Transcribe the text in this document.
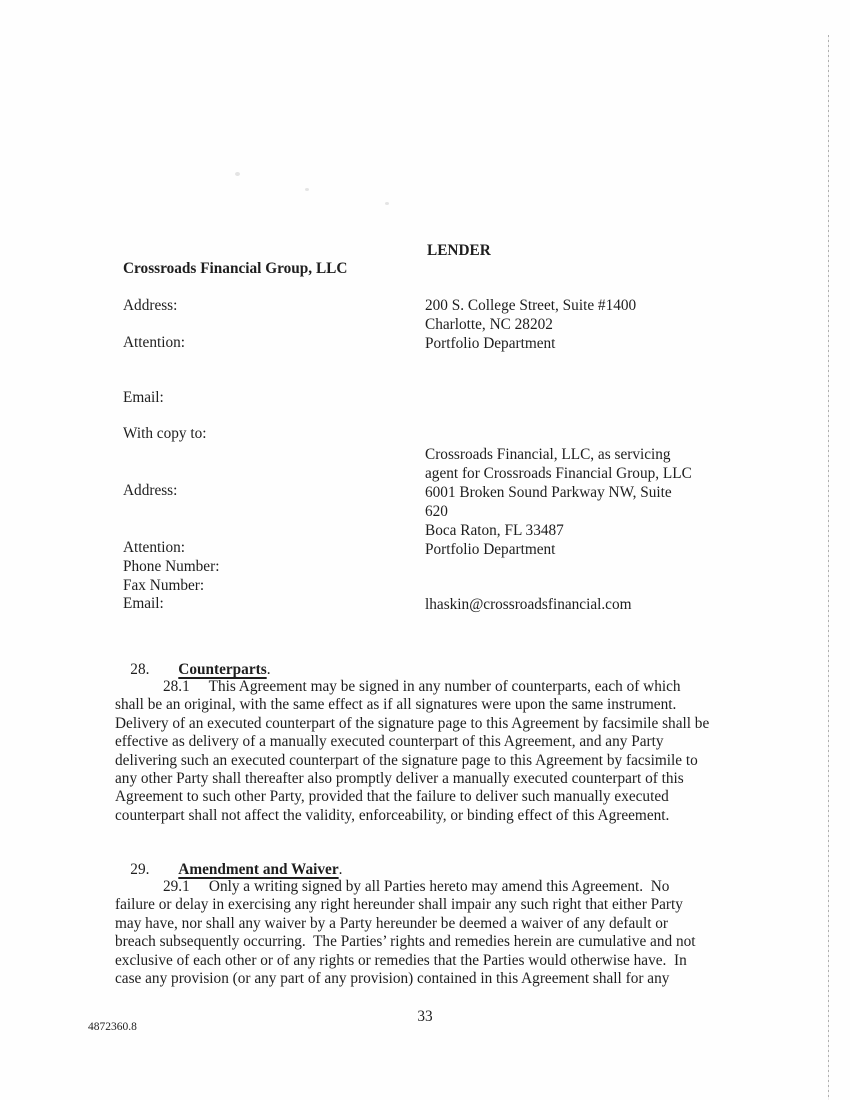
LENDER
Crossroads Financial Group, LLC
Address:
Attention:
Email:
With copy to:
Address:
Attention:
Phone Number:
Fax Number:
Email:
200 S. College Street, Suite #1400
Charlotte, NC 28202
Portfolio Department
Crossroads Financial, LLC, as servicing
agent for Crossroads Financial Group, LLC
6001 Broken Sound Parkway NW, Suite
620
Boca Raton, FL 33487
Portfolio Department
lhaskin@crossroadsfinancial.com

28. Counterparts.

28.1     This Agreement may be signed in any number of counterparts, each of which
shall be an original, with the same effect as if all signatures were upon the same instrument.
Delivery of an executed counterpart of the signature page to this Agreement by facsimile shall be
effective as delivery of a manually executed counterpart of this Agreement, and any Party
delivering such an executed counterpart of the signature page to this Agreement by facsimile to
any other Party shall thereafter also promptly deliver a manually executed counterpart of this
Agreement to such other Party, provided that the failure to deliver such manually executed
counterpart shall not affect the validity, enforceability, or binding effect of this Agreement.

29. Amendment and Waiver.

29.1     Only a writing signed by all Parties hereto may amend this Agreement.  No
failure or delay in exercising any right hereunder shall impair any such right that either Party
may have, nor shall any waiver by a Party hereunder be deemed a waiver of any default or
breach subsequently occurring.  The Parties’ rights and remedies herein are cumulative and not
exclusive of each other or of any rights or remedies that the Parties would otherwise have.  In
case any provision (or any part of any provision) contained in this Agreement shall for any
33
4872360.8
